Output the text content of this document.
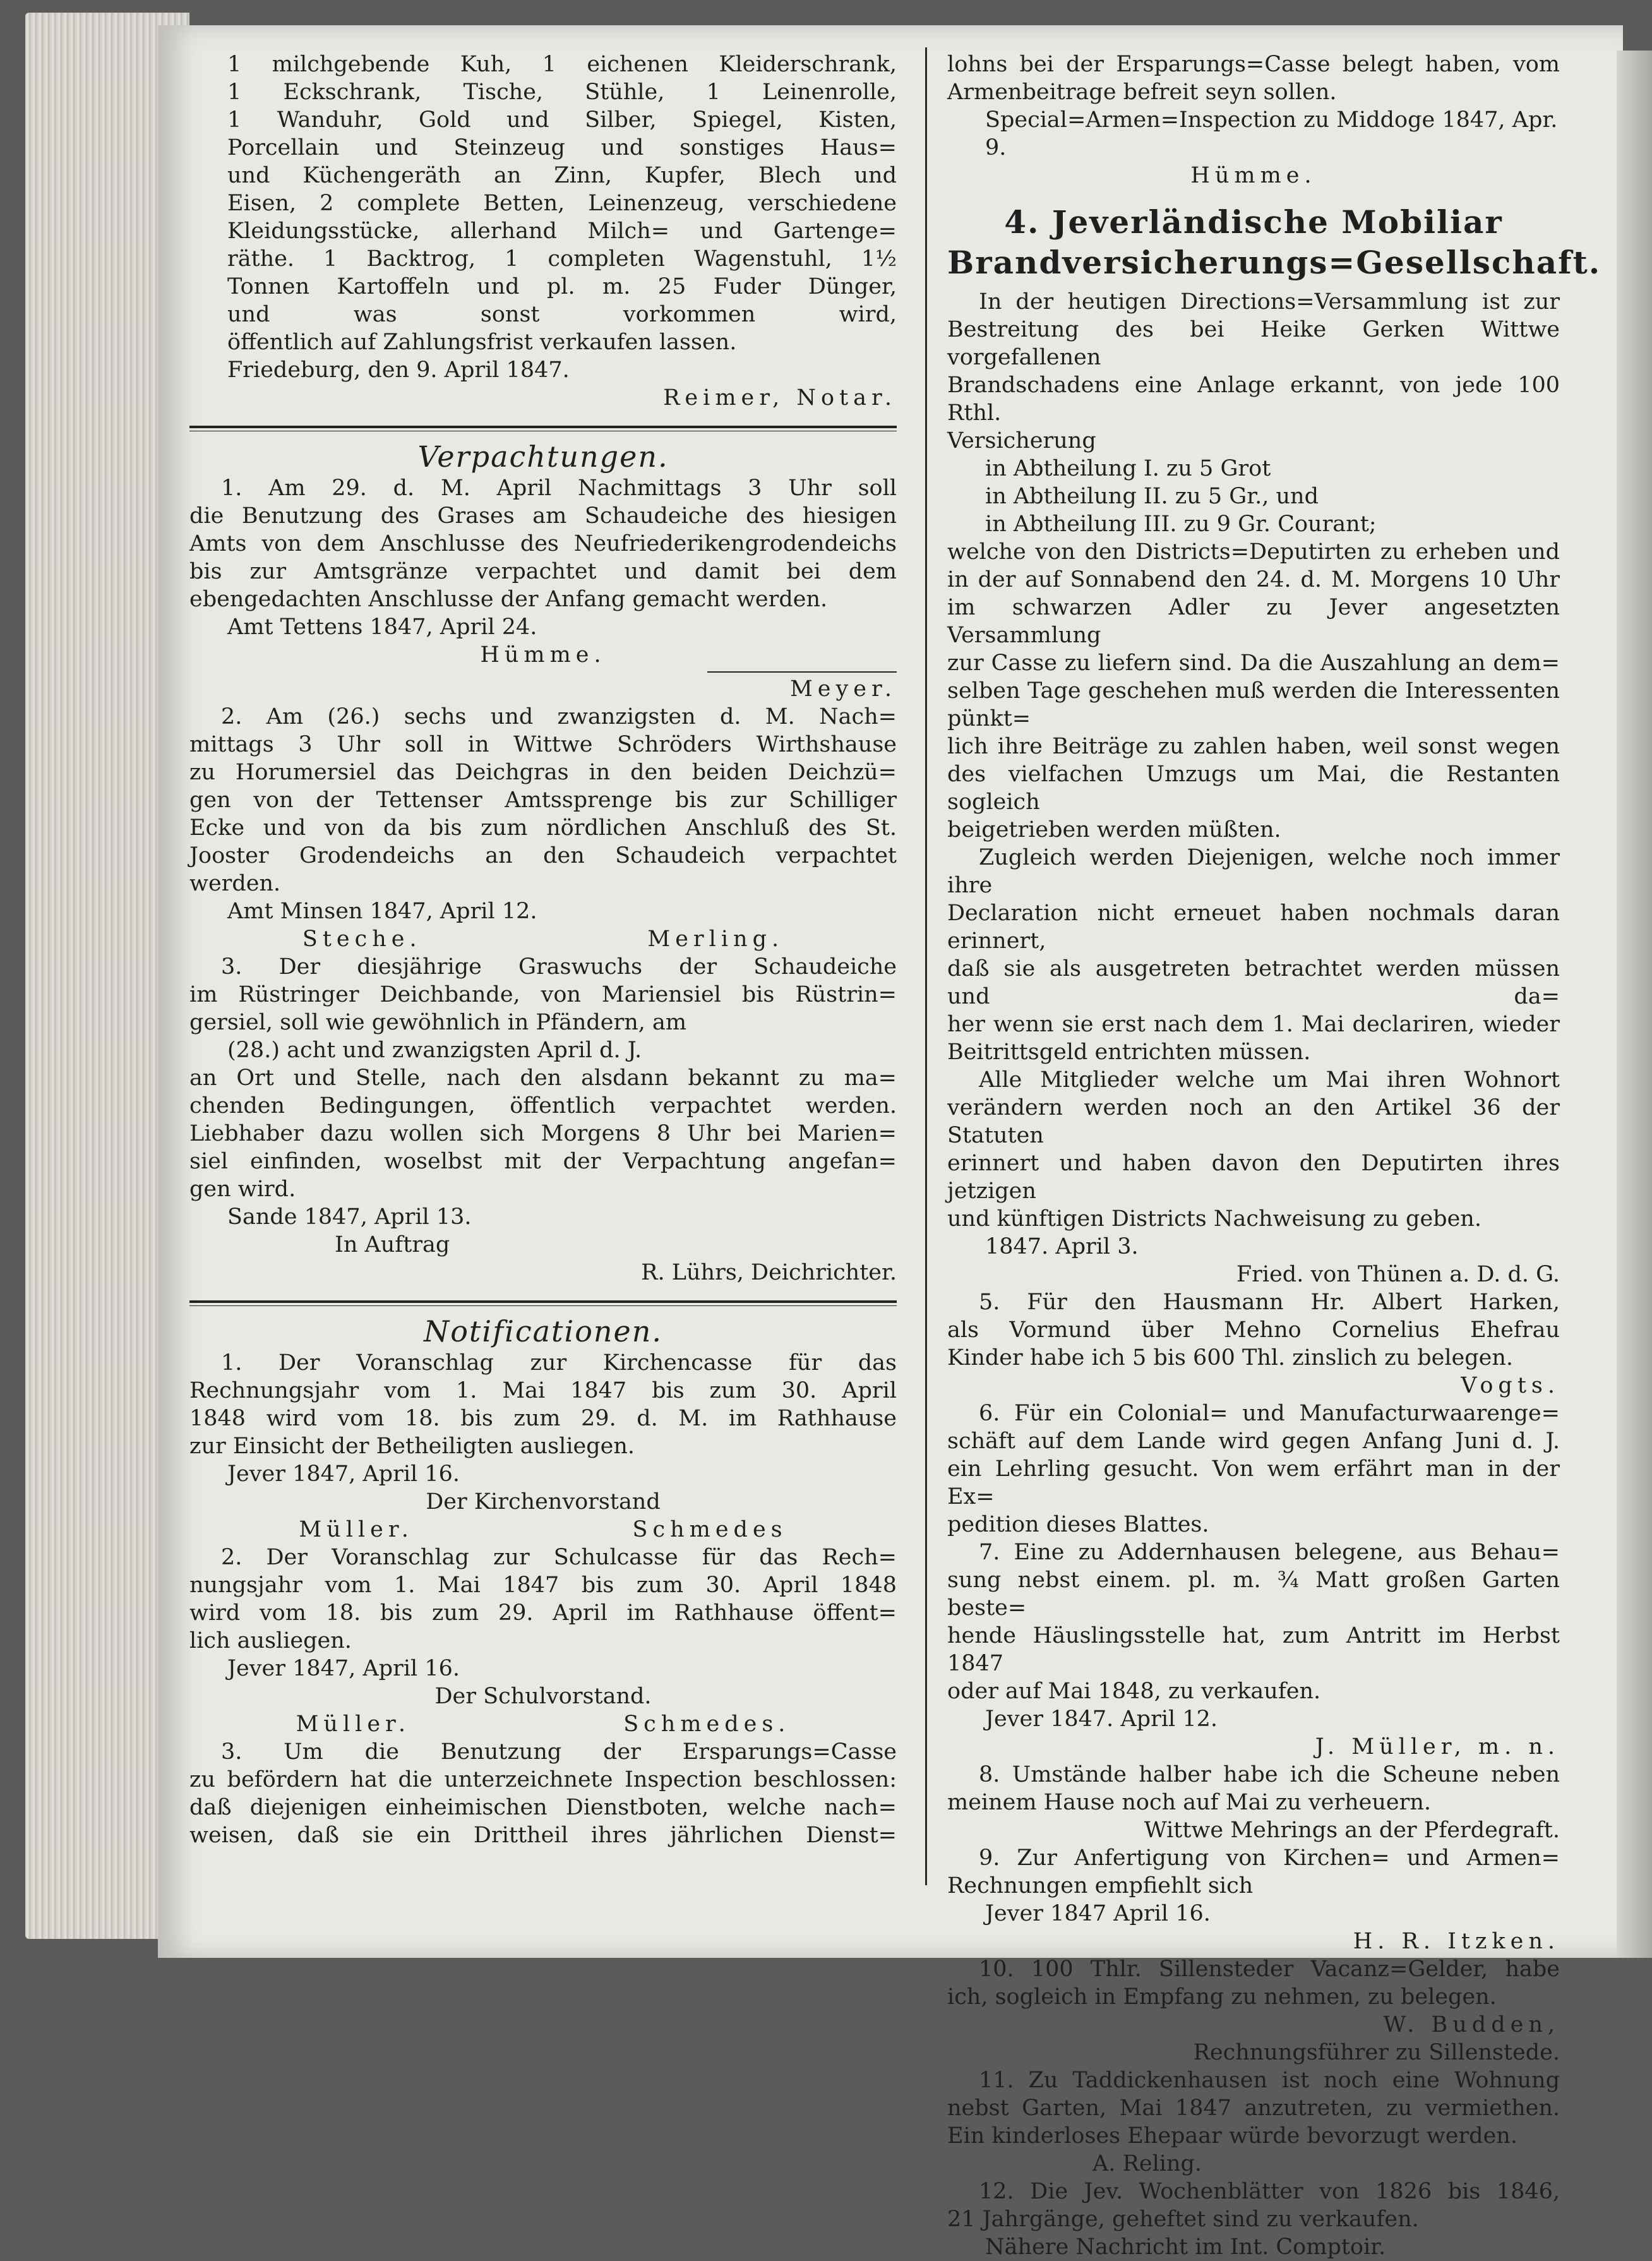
1 milchgebende Kuh, 1 eichenen Kleiderschrank,

1 Eckschrank, Tische, Stühle, 1 Leinenrolle,

1 Wanduhr, Gold und Silber, Spiegel, Kisten,

Porcellain und Steinzeug und sonstiges Haus=

und Küchengeräth an Zinn, Kupfer, Blech und

Eisen, 2 complete Betten, Leinenzeug, verschiedene

Kleidungsstücke, allerhand Milch= und Gartenge=

räthe. 1 Backtrog, 1 completen Wagenstuhl, 1½

Tonnen Kartoffeln und pl. m. 25 Fuder Dünger,

und was sonst vorkommen wird,

öffentlich auf Zahlungsfrist verkaufen lassen.

Friedeburg, den 9. April 1847.

Reimer, Notar.

Verpachtungen.

1. Am 29. d. M. April Nachmittags 3 Uhr soll

die Benutzung des Grases am Schaudeiche des hiesigen

Amts von dem Anschlusse des Neufriederikengrodendeichs

bis zur Amtsgränze verpachtet und damit bei dem

ebengedachten Anschlusse der Anfang gemacht werden.

Amt Tettens 1847, April 24.

Hümme.

Meyer.

2. Am (26.) sechs und zwanzigsten d. M. Nach=

mittags 3 Uhr soll in Wittwe Schröders Wirthshause

zu Horumersiel das Deichgras in den beiden Deichzü=

gen von der Tettenser Amtssprenge bis zur Schilliger

Ecke und von da bis zum nördlichen Anschluß des St.

Jooster Grodendeichs an den Schaudeich verpachtet

werden.

Amt Minsen 1847, April 12.

Steche.	Merling.

3. Der diesjährige Graswuchs der Schaudeiche

im Rüstringer Deichbande, von Mariensiel bis Rüstrin=

gersiel, soll wie gewöhnlich in Pfändern, am

(28.) acht und zwanzigsten April d. J.

an Ort und Stelle, nach den alsdann bekannt zu ma=

chenden Bedingungen, öffentlich verpachtet werden.

Liebhaber dazu wollen sich Morgens 8 Uhr bei Marien=

siel einfinden, woselbst mit der Verpachtung angefan=

gen wird.

Sande 1847, April 13.

In Auftrag

R. Lührs, Deichrichter.

Notificationen.

1. Der Voranschlag zur Kirchencasse für das

Rechnungsjahr vom 1. Mai 1847 bis zum 30. April

1848 wird vom 18. bis zum 29. d. M. im Rathhause

zur Einsicht der Betheiligten ausliegen.

Jever 1847, April 16.

Der Kirchenvorstand

Müller.	Schmedes

2. Der Voranschlag zur Schulcasse für das Rech=

nungsjahr vom 1. Mai 1847 bis zum 30. April 1848

wird vom 18. bis zum 29. April im Rathhause öffent=

lich ausliegen.

Jever 1847, April 16.

Der Schulvorstand.

Müller.	Schmedes.

3. Um die Benutzung der Ersparungs=Casse

zu befördern hat die unterzeichnete Inspection beschlossen:

daß diejenigen einheimischen Dienstboten, welche nach=

weisen, daß sie ein Drittheil ihres jährlichen Dienst=

lohns bei der Ersparungs=Casse belegt haben, vom

Armenbeitrage befreit seyn sollen.

Special=Armen=Inspection zu Middoge 1847, Apr. 9.

Hümme.

4. Jeverländische Mobiliar
Brandversicherungs=Gesellschaft.

In der heutigen Directions=Versammlung ist zur

Bestreitung des bei Heike Gerken Wittwe vorgefallenen

Brandschadens eine Anlage erkannt, von jede 100 Rthl.

Versicherung

in Abtheilung I. zu 5 Grot

in Abtheilung II. zu 5 Gr., und

in Abtheilung III. zu 9 Gr. Courant;

welche von den Districts=Deputirten zu erheben und

in der auf Sonnabend den 24. d. M. Morgens 10 Uhr

im schwarzen Adler zu Jever angesetzten Versammlung

zur Casse zu liefern sind. Da die Auszahlung an dem=

selben Tage geschehen muß werden die Interessenten pünkt=

lich ihre Beiträge zu zahlen haben, weil sonst wegen

des vielfachen Umzugs um Mai, die Restanten sogleich

beigetrieben werden müßten.

Zugleich werden Diejenigen, welche noch immer ihre

Declaration nicht erneuet haben nochmals daran erinnert,

daß sie als ausgetreten betrachtet werden müssen und da=

her wenn sie erst nach dem 1. Mai declariren, wieder

Beitrittsgeld entrichten müssen.

Alle Mitglieder welche um Mai ihren Wohnort

verändern werden noch an den Artikel 36 der Statuten

erinnert und haben davon den Deputirten ihres jetzigen

und künftigen Districts Nachweisung zu geben.

1847. April 3.

Fried. von Thünen a. D. d. G.

5. Für den Hausmann Hr. Albert Harken,

als Vormund über Mehno Cornelius Ehefrau

Kinder habe ich 5 bis 600 Thl. zinslich zu belegen.

Vogts.

6. Für ein Colonial= und Manufacturwaarenge=

schäft auf dem Lande wird gegen Anfang Juni d. J.

ein Lehrling gesucht. Von wem erfährt man in der Ex=

pedition dieses Blattes.

7. Eine zu Addernhausen belegene, aus Behau=

sung nebst einem. pl. m. ¾ Matt großen Garten beste=

hende Häuslingsstelle hat, zum Antritt im Herbst 1847

oder auf Mai 1848, zu verkaufen.

Jever 1847. April 12.

J. Müller, m. n.

8. Umstände halber habe ich die Scheune neben

meinem Hause noch auf Mai zu verheuern.

Wittwe Mehrings an der Pferdegraft.

9. Zur Anfertigung von Kirchen= und Armen=

Rechnungen empfiehlt sich

Jever 1847 April 16.

H. R. Itzken.

10. 100 Thlr. Sillensteder Vacanz=Gelder, habe

ich, sogleich in Empfang zu nehmen, zu belegen.

W. Budden,

Rechnungsführer zu Sillenstede.

11. Zu Taddickenhausen ist noch eine Wohnung

nebst Garten, Mai 1847 anzutreten, zu vermiethen.

Ein kinderloses Ehepaar würde bevorzugt werden.

A. Reling.

12. Die Jev. Wochenblätter von 1826 bis 1846,

21 Jahrgänge, geheftet sind zu verkaufen.

Nähere Nachricht im Int. Comptoir.
